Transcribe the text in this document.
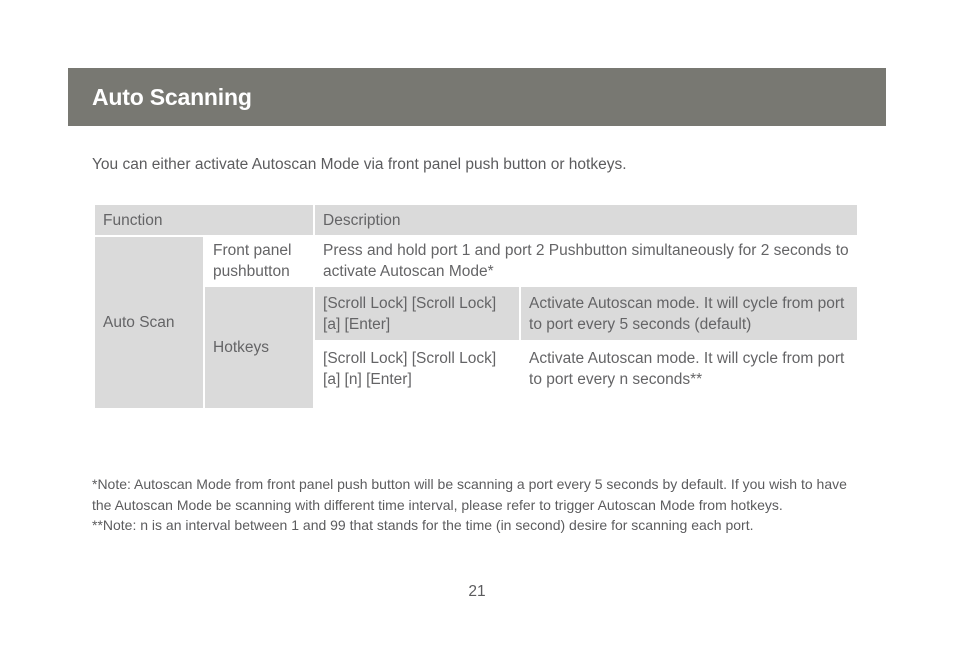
Auto Scanning
You can either activate Autoscan Mode via front panel push button or hotkeys.
Function		Description	
Auto Scan	Front panel pushbutton	Press and hold port 1 and port 2 Pushbutton simultaneously for 2 seconds to activate Autoscan Mode*	
	Hotkeys	[Scroll Lock] [Scroll Lock] [a] [Enter]	Activate Autoscan mode. It will cycle from port to port every 5 seconds (default)
		[Scroll Lock] [Scroll Lock] [a] [n] [Enter]	Activate Autoscan mode. It will cycle from port to port every n seconds**

*Note: Autoscan Mode from front panel push button will be scanning a port every 5 seconds by default. If you wish to have the Autoscan Mode be scanning with different time interval, please refer to trigger Autoscan Mode from hotkeys.

**Note: n is an interval between 1 and 99 that stands for the time (in second) desire for scanning each port.

21
